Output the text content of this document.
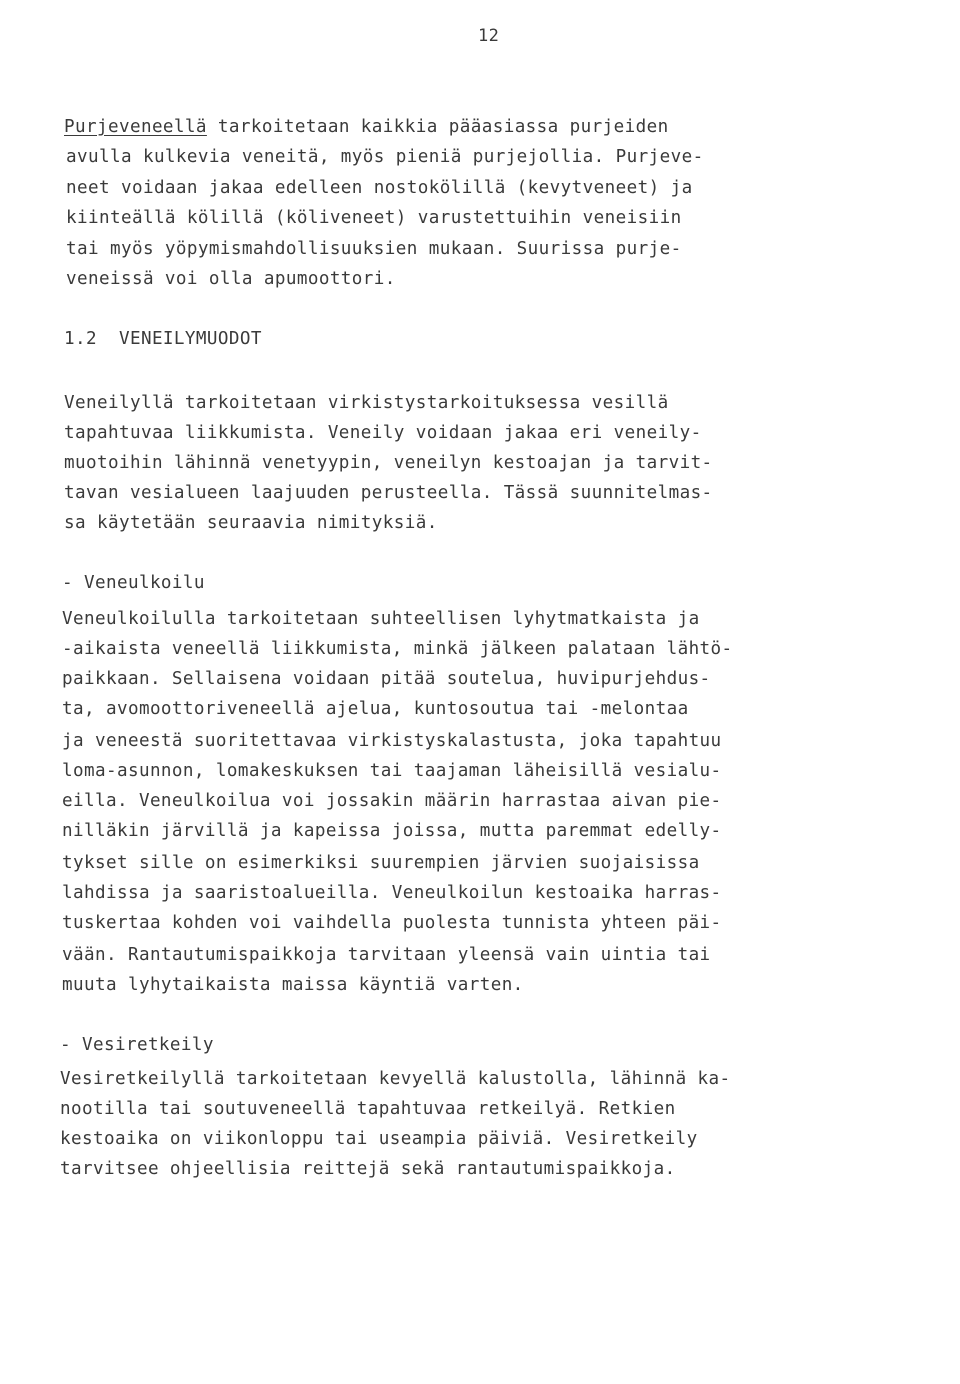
12
Purjeveneellä tarkoitetaan kaikkia pääasiassa purjeiden
avulla kulkevia veneitä, myös pieniä purjejollia. Purjeve-
neet voidaan jakaa edelleen nostokölillä (kevytveneet) ja
kiinteällä kölillä (köliveneet) varustettuihin veneisiin
tai myös yöpymismahdollisuuksien mukaan. Suurissa purje-
veneissä voi olla apumoottori.
1.2  VENEILYMUODOT
Veneilyllä tarkoitetaan virkistystarkoituksessa vesillä
tapahtuvaa liikkumista. Veneily voidaan jakaa eri veneily-
muotoihin lähinnä venetyypin, veneilyn kestoajan ja tarvit-
tavan vesialueen laajuuden perusteella. Tässä suunnitelmas-
sa käytetään seuraavia nimityksiä.
- Veneulkoilu
Veneulkoilulla tarkoitetaan suhteellisen lyhytmatkaista ja
-aikaista veneellä liikkumista, minkä jälkeen palataan lähtö-
paikkaan. Sellaisena voidaan pitää soutelua, huvipurjehdus-
ta, avomoottoriveneellä ajelua, kuntosoutua tai -melontaa
ja veneestä suoritettavaa virkistyskalastusta, joka tapahtuu
loma-asunnon, lomakeskuksen tai taajaman läheisillä vesialu-
eilla. Veneulkoilua voi jossakin määrin harrastaa aivan pie-
nilläkin järvillä ja kapeissa joissa, mutta paremmat edelly-
tykset sille on esimerkiksi suurempien järvien suojaisissa
lahdissa ja saaristoalueilla. Veneulkoilun kestoaika harras-
tuskertaa kohden voi vaihdella puolesta tunnista yhteen päi-
vään. Rantautumispaikkoja tarvitaan yleensä vain uintia tai
muuta lyhytaikaista maissa käyntiä varten.
- Vesiretkeily
Vesiretkeilyllä tarkoitetaan kevyellä kalustolla, lähinnä ka-
nootilla tai soutuveneellä tapahtuvaa retkeilyä. Retkien
kestoaika on viikonloppu tai useampia päiviä. Vesiretkeily
tarvitsee ohjeellisia reittejä sekä rantautumispaikkoja.
